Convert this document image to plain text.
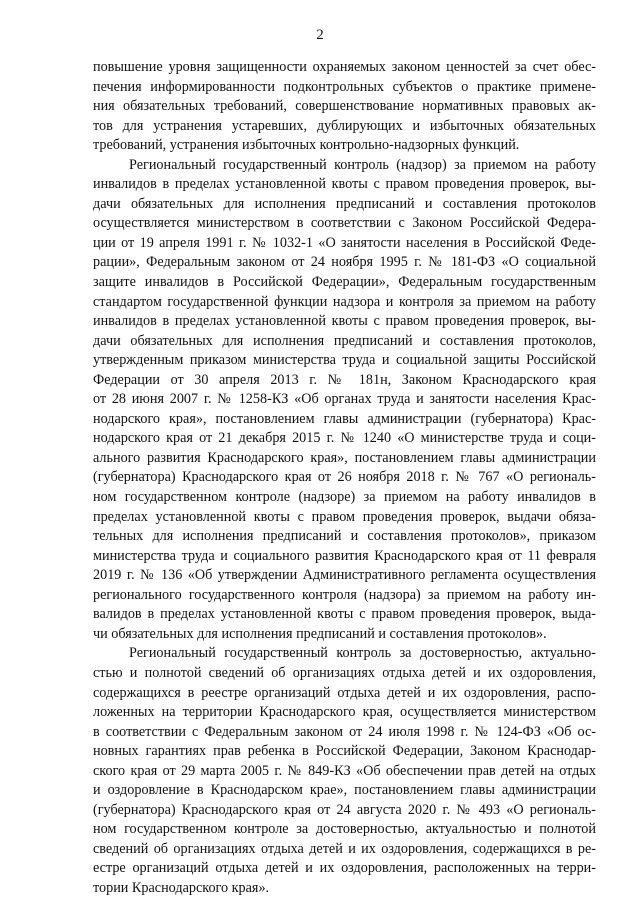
2
повышение уровня защищенности охраняемых законом ценностей за счет обес-
печения информированности подконтрольных субъектов о практике примене-
ния обязательных требований, совершенствование нормативных правовых ак-
тов для устранения устаревших, дублирующих и избыточных обязательных
требований, устранения избыточных контрольно-надзорных функций.
Региональный государственный контроль (надзор) за приемом на работу
инвалидов в пределах установленной квоты с правом проведения проверок, вы-
дачи обязательных для исполнения предписаний и составления протоколов
осуществляется министерством в соответствии с Законом Российской Федера-
ции от 19 апреля 1991 г. № 1032-1 «О занятости населения в Российской Феде-
рации», Федеральным законом от 24 ноября 1995 г. № 181-ФЗ «О социальной
защите инвалидов в Российской Федерации», Федеральным государственным
стандартом государственной функции надзора и контроля за приемом на работу
инвалидов в пределах установленной квоты с правом проведения проверок, вы-
дачи обязательных для исполнения предписаний и составления протоколов,
утвержденным приказом министерства труда и социальной защиты Российской
Федерации от 30 апреля 2013 г. № 181н, Законом Краснодарского края
от 28 июня 2007 г. № 1258-КЗ «Об органах труда и занятости населения Крас-
нодарского края», постановлением главы администрации (губернатора) Крас-
нодарского края от 21 декабря 2015 г. № 1240 «О министерстве труда и соци-
ального развития Краснодарского края», постановлением главы администрации
(губернатора) Краснодарского края от 26 ноября 2018 г. № 767 «О региональ-
ном государственном контроле (надзоре) за приемом на работу инвалидов в
пределах установленной квоты с правом проведения проверок, выдачи обяза-
тельных для исполнения предписаний и составления протоколов», приказом
министерства труда и социального развития Краснодарского края от 11 февраля
2019 г. № 136 «Об утверждении Административного регламента осуществления
регионального государственного контроля (надзора) за приемом на работу ин-
валидов в пределах установленной квоты с правом проведения проверок, выда-
чи обязательных для исполнения предписаний и составления протоколов».
Региональный государственный контроль за достоверностью, актуально-
стью и полнотой сведений об организациях отдыха детей и их оздоровления,
содержащихся в реестре организаций отдыха детей и их оздоровления, распо-
ложенных на территории Краснодарского края, осуществляется министерством
в соответствии с Федеральным законом от 24 июля 1998 г. № 124-ФЗ «Об ос-
новных гарантиях прав ребенка в Российской Федерации, Законом Краснодар-
ского края от 29 марта 2005 г. № 849-КЗ «Об обеспечении прав детей на отдых
и оздоровление в Краснодарском крае», постановлением главы администрации
(губернатора) Краснодарского края от 24 августа 2020 г. № 493 «О региональ-
ном государственном контроле за достоверностью, актуальностью и полнотой
сведений об организациях отдыха детей и их оздоровления, содержащихся в ре-
естре организаций отдыха детей и их оздоровления, расположенных на терри-
тории Краснодарского края».
